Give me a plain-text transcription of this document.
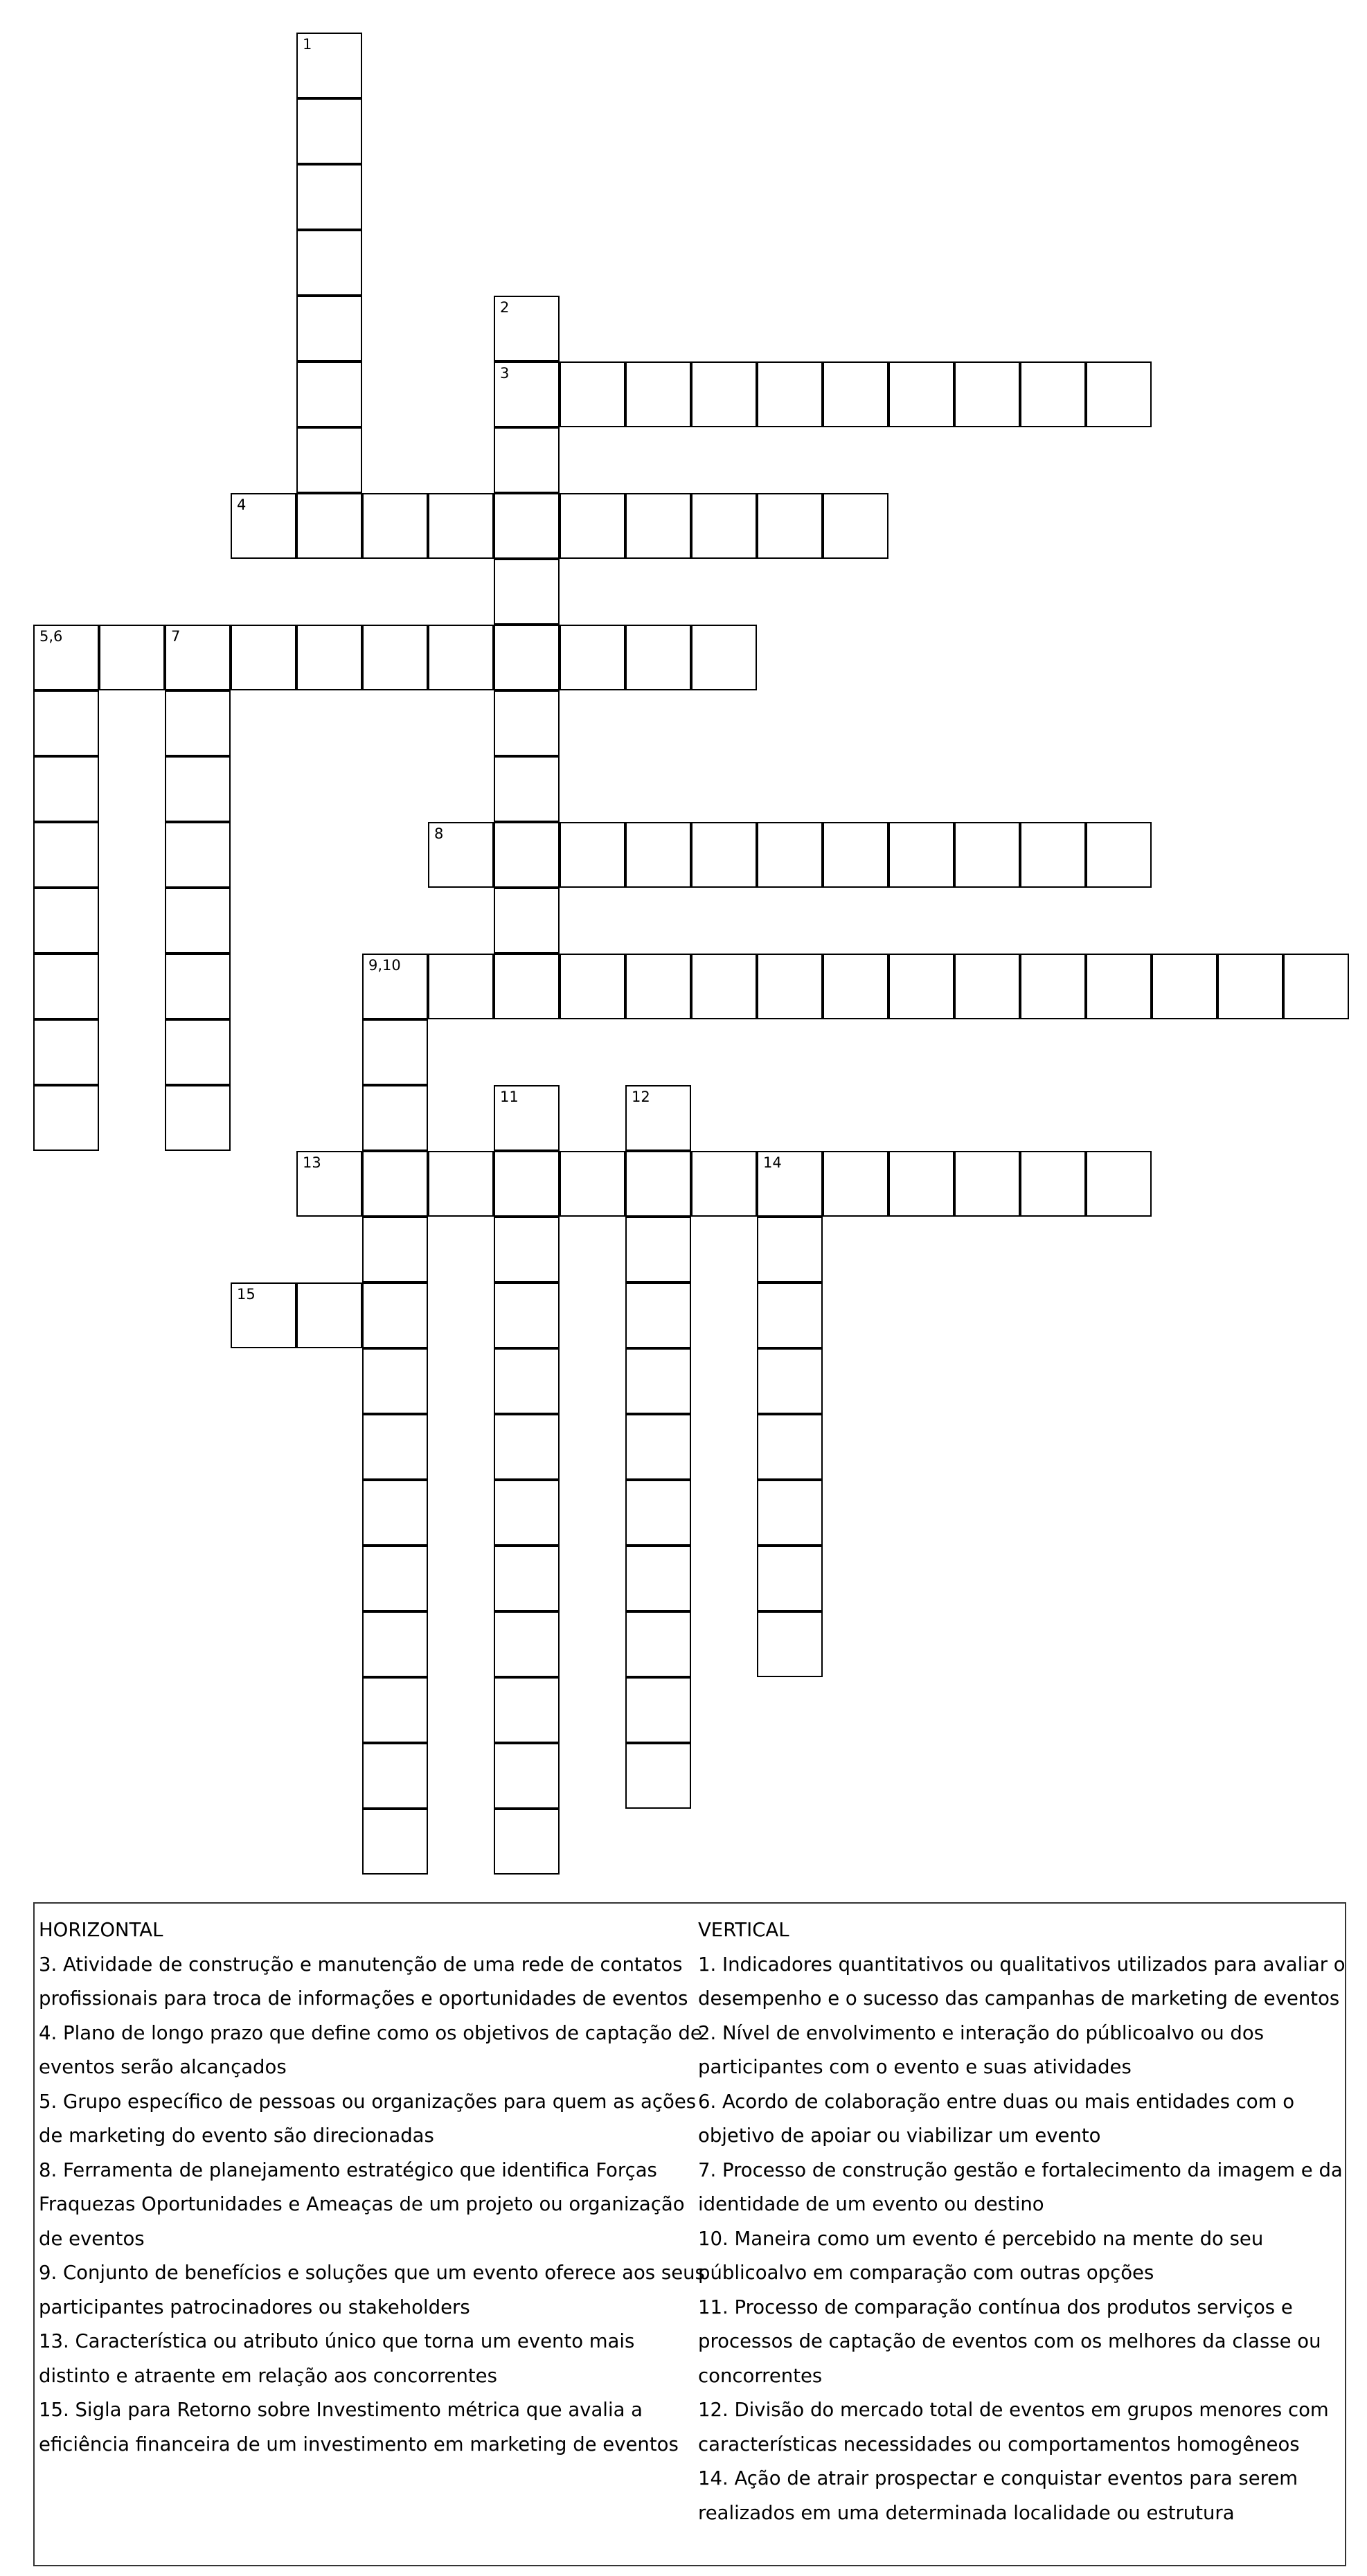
1
2
3
4
5,6	7
8
9,10
11	12
13	14
15
HORIZONTAL
3. Atividade de construção e manutenção de uma rede de contatos
profissionais para troca de informações e oportunidades de eventos
4. Plano de longo prazo que define como os objetivos de captação de
eventos serão alcançados
5. Grupo específico de pessoas ou organizações para quem as ações
de marketing do evento são direcionadas
8. Ferramenta de planejamento estratégico que identifica Forças
Fraquezas Oportunidades e Ameaças de um projeto ou organização
de eventos
9. Conjunto de benefícios e soluções que um evento oferece aos seus
participantes patrocinadores ou stakeholders
13. Característica ou atributo único que torna um evento mais
distinto e atraente em relação aos concorrentes
15. Sigla para Retorno sobre Investimento métrica que avalia a
eficiência financeira de um investimento em marketing de eventos
VERTICAL
1. Indicadores quantitativos ou qualitativos utilizados para avaliar o
desempenho e o sucesso das campanhas de marketing de eventos
2. Nível de envolvimento e interação do públicoalvo ou dos
participantes com o evento e suas atividades
6. Acordo de colaboração entre duas ou mais entidades com o
objetivo de apoiar ou viabilizar um evento
7. Processo de construção gestão e fortalecimento da imagem e da
identidade de um evento ou destino
10. Maneira como um evento é percebido na mente do seu
públicoalvo em comparação com outras opções
11. Processo de comparação contínua dos produtos serviços e
processos de captação de eventos com os melhores da classe ou
concorrentes
12. Divisão do mercado total de eventos em grupos menores com
características necessidades ou comportamentos homogêneos
14. Ação de atrair prospectar e conquistar eventos para serem
realizados em uma determinada localidade ou estrutura
